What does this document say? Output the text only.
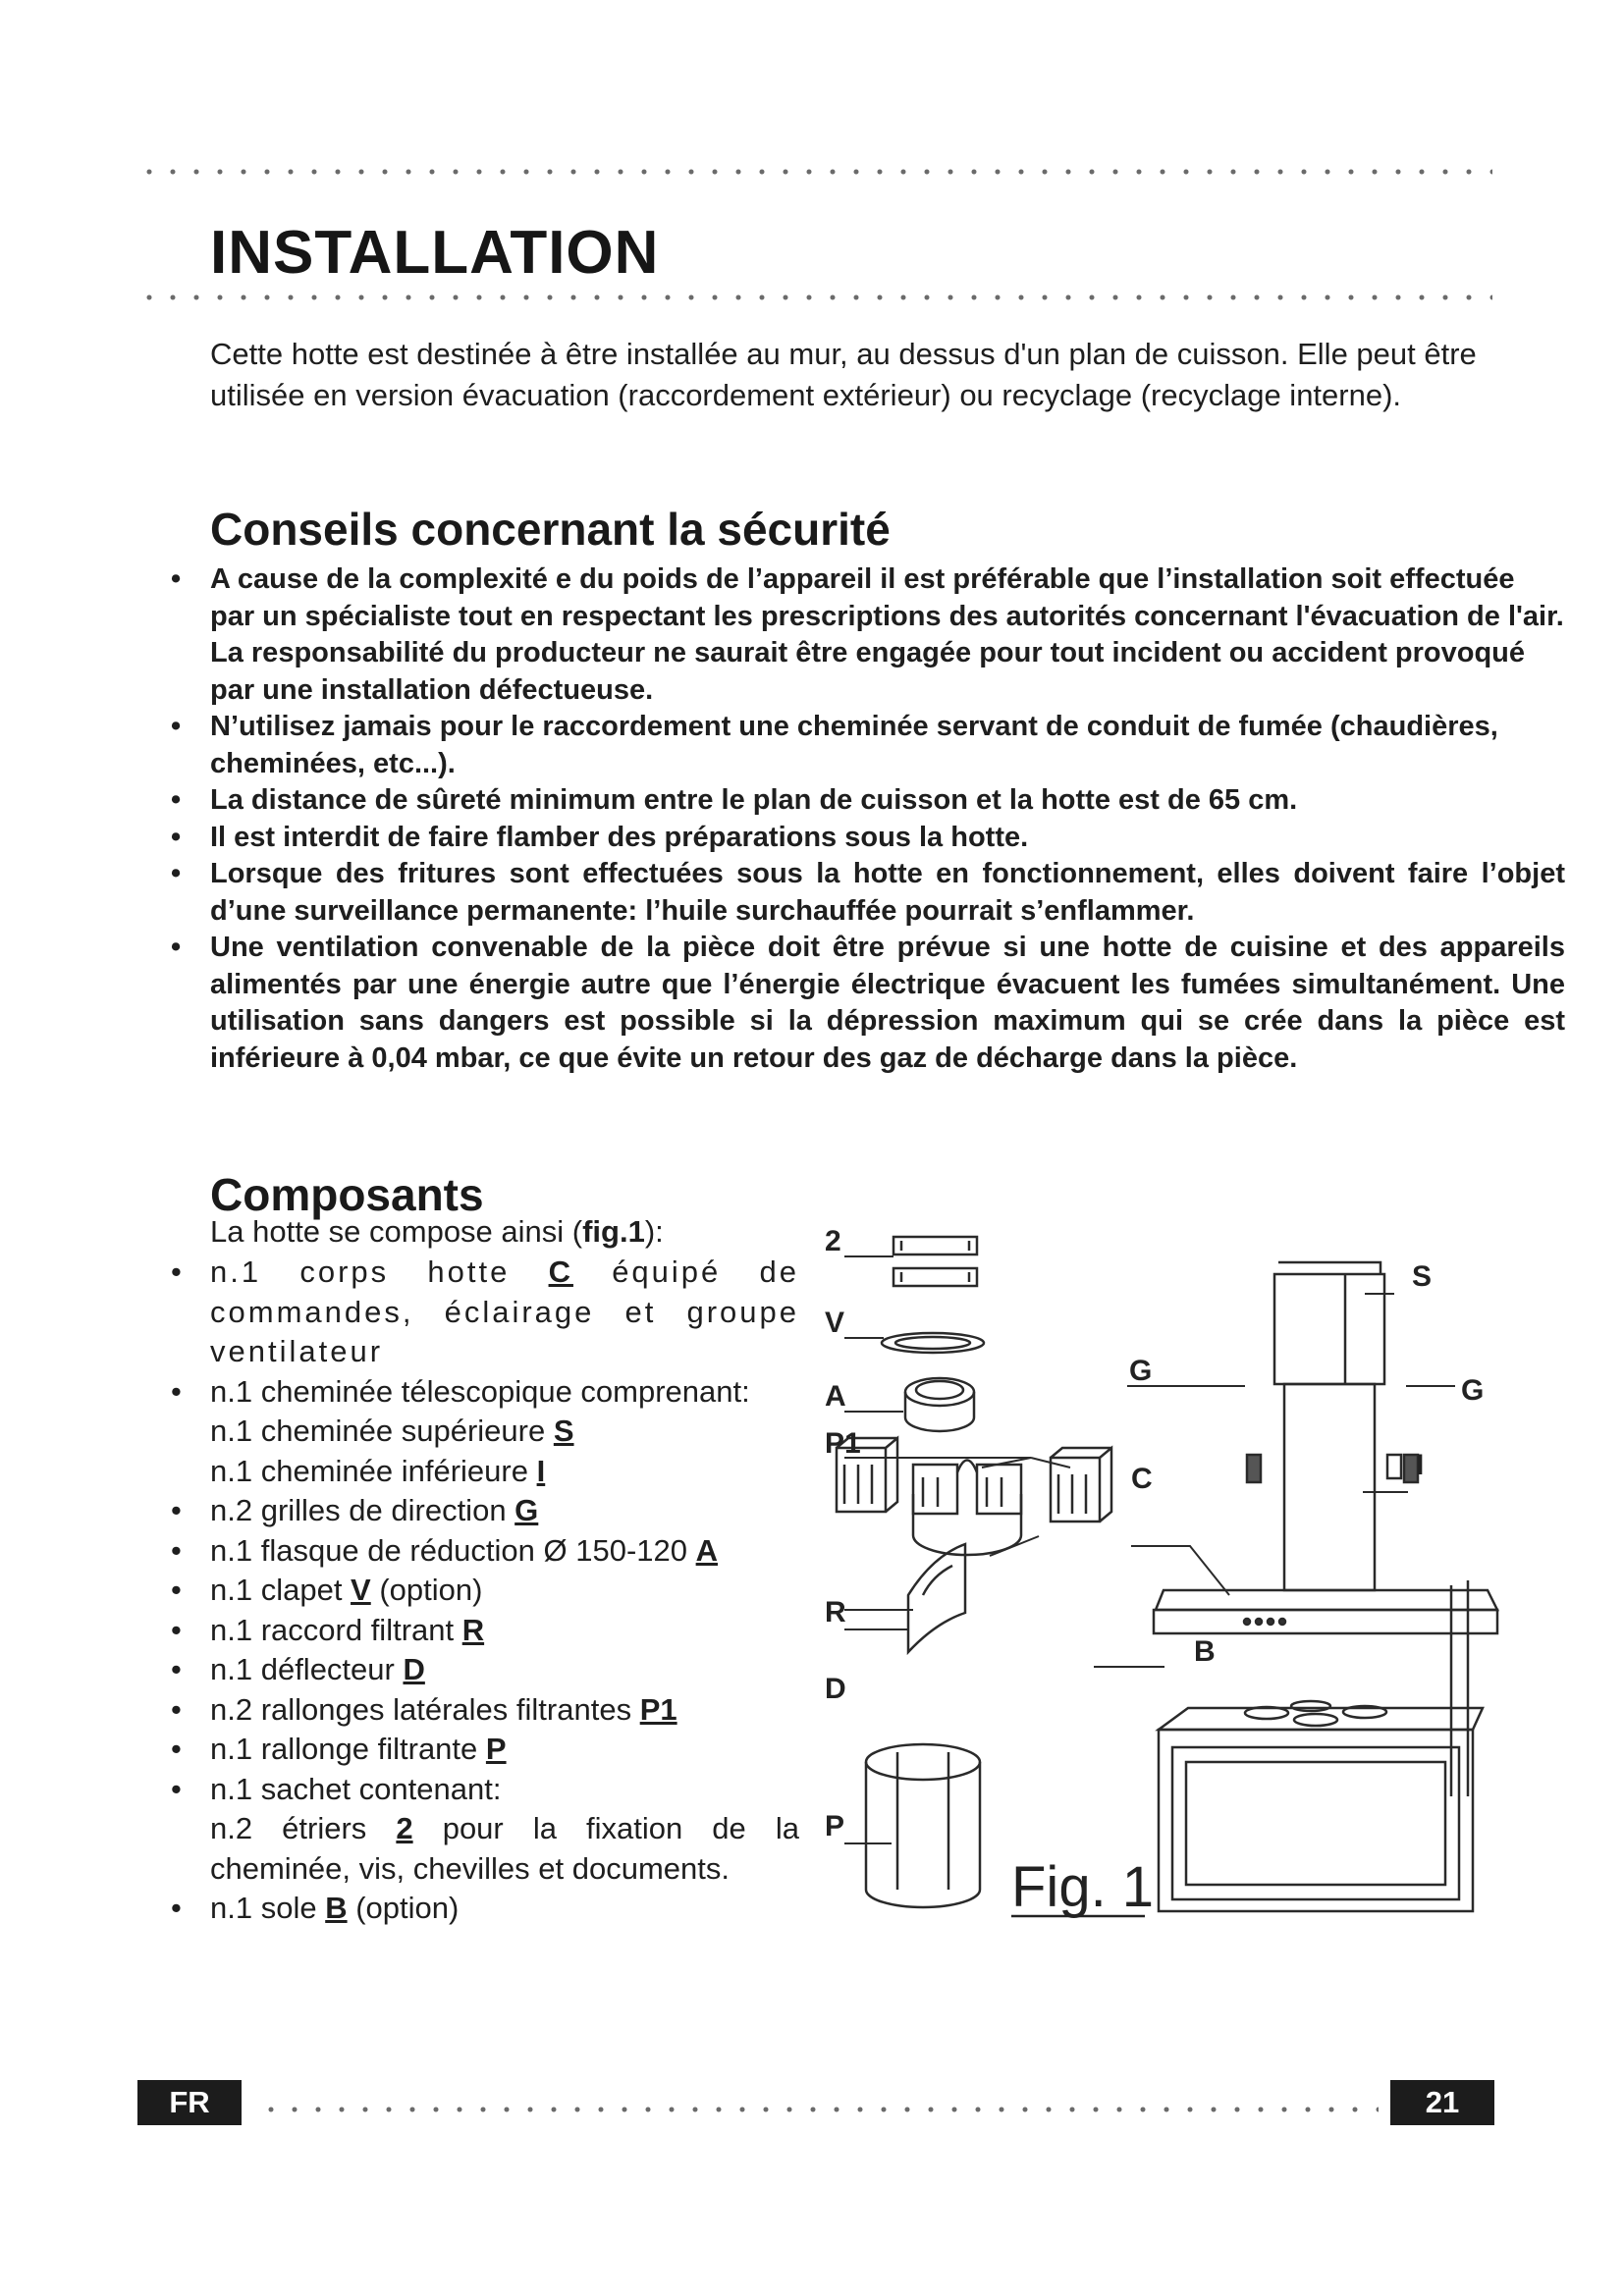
INSTALLATION

Cette hotte est destinée à être installée au mur, au dessus d'un plan de cuisson. Elle peut être utilisée en version évacuation (raccordement extérieur) ou recyclage (recyclage interne).

Conseils concernant la sécurité
• A cause de la complexité e du poids de l’appareil il est préférable que l’installation soit effectuée par un spécialiste tout en respectant les prescriptions des autorités concernant l'évacuation de l'air. La responsabilité du producteur ne saurait être engagée pour tout incident ou accident provoqué par une installation défectueuse.
• N’utilisez jamais pour le raccordement une cheminée servant de conduit de fumée (chaudières, cheminées, etc...).
• La distance de sûreté minimum entre le plan de cuisson et la hotte est de 65 cm.
• Il est interdit de faire flamber des préparations sous la hotte.
• Lorsque des fritures sont effectuées sous la hotte en fonctionnement, elles doivent faire l’objet d’une surveillance permanente: l’huile surchauffée pourrait s’enflammer.
• Une ventilation convenable de la pièce doit être prévue si une hotte de cuisine et des appareils alimentés par une énergie autre que l’énergie électrique évacuent les fumées simultanément. Une utilisation sans dangers est possible si la dépression maximum qui se crée dans la pièce est inférieure à 0,04 mbar, ce que évite un retour des gaz de décharge dans la pièce.
Composants

La hotte se compose ainsi (fig.1):

• n.1 corps hotte C équipé de commandes, éclairage et groupe ventilateur
• n.1 cheminée télescopique comprenant:
n.1 cheminée supérieure S
n.1 cheminée inférieure I
• n.2 grilles de direction G
• n.1 flasque de réduction Ø 150-120 A
• n.1 clapet V (option)
• n.1 raccord filtrant R
• n.1 déflecteur D
• n.2 rallonges latérales filtrantes P1
• n.1 rallonge filtrante P
• n.1 sachet contenant:
n.2 étriers 2 pour la fixation de la cheminée, vis, chevilles et documents.
• n.1 sole B (option)
2
V
A
P1
R
D
P
S
G
G
C	I
B
Fig. 1
FR	21
